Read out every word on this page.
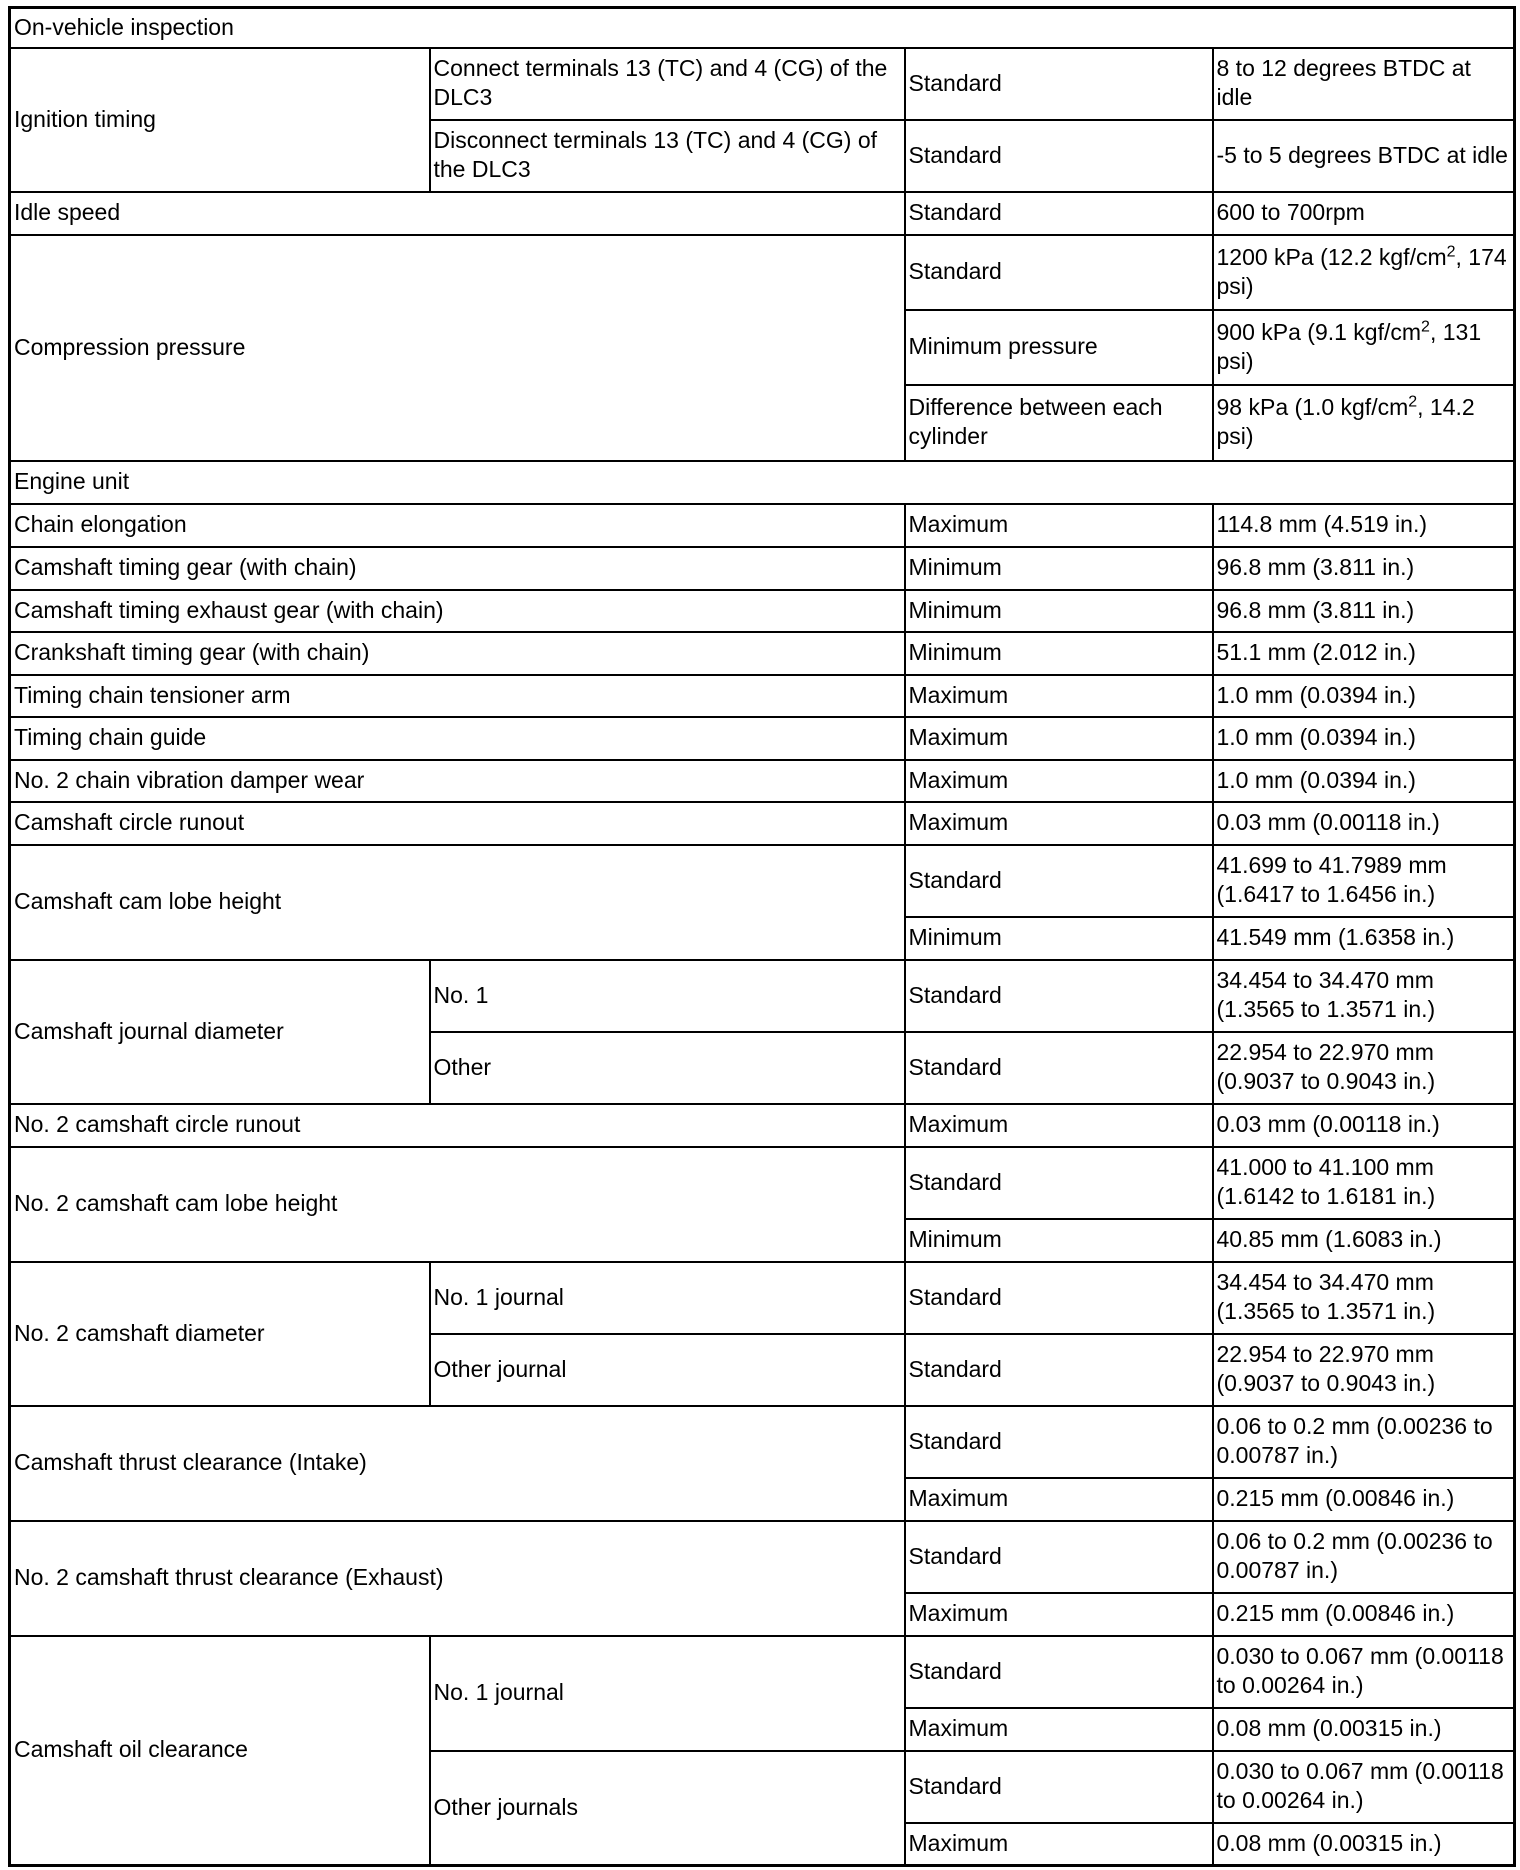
On-vehicle inspection			
Ignition timing	Connect terminals 13 (TC) and 4 (CG) of the DLC3	Standard	8 to 12 degrees BTDC at idle
	Disconnect terminals 13 (TC) and 4 (CG) of the DLC3	Standard	-5 to 5 degrees BTDC at idle
Idle speed		Standard	600 to 700rpm
Compression pressure		Standard	1200 kPa (12.2 kgf/$cm^2$, 174 psi)
		Minimum pressure	900 kPa (9.1 kgf/$cm^2$, 131 psi)
		Difference between each cylinder	98 kPa (1.0 kgf/$cm^2$, 14.2 psi)
Engine unit			
Chain elongation		Maximum	114.8 mm (4.519 in.)
Camshaft timing gear (with chain)		Minimum	96.8 mm (3.811 in.)
Camshaft timing exhaust gear (with chain)		Minimum	96.8 mm (3.811 in.)
Crankshaft timing gear (with chain)		Minimum	51.1 mm (2.012 in.)
Timing chain tensioner arm		Maximum	1.0 mm (0.0394 in.)
Timing chain guide		Maximum	1.0 mm (0.0394 in.)
No. 2 chain vibration damper wear		Maximum	1.0 mm (0.0394 in.)
Camshaft circle runout		Maximum	0.03 mm (0.00118 in.)
Camshaft cam lobe height		Standard	41.699 to 41.7989 mm (1.6417 to 1.6456 in.)
		Minimum	41.549 mm (1.6358 in.)
Camshaft journal diameter	No. 1	Standard	34.454 to 34.470 mm (1.3565 to 1.3571 in.)
	Other	Standard	22.954 to 22.970 mm (0.9037 to 0.9043 in.)
No. 2 camshaft circle runout		Maximum	0.03 mm (0.00118 in.)
No. 2 camshaft cam lobe height		Standard	41.000 to 41.100 mm (1.6142 to 1.6181 in.)
		Minimum	40.85 mm (1.6083 in.)
No. 2 camshaft diameter	No. 1 journal	Standard	34.454 to 34.470 mm (1.3565 to 1.3571 in.)
	Other journal	Standard	22.954 to 22.970 mm (0.9037 to 0.9043 in.)
Camshaft thrust clearance (Intake)		Standard	0.06 to 0.2 mm (0.00236 to 0.00787 in.)
		Maximum	0.215 mm (0.00846 in.)
No. 2 camshaft thrust clearance (Exhaust)		Standard	0.06 to 0.2 mm (0.00236 to 0.00787 in.)
		Maximum	0.215 mm (0.00846 in.)
Camshaft oil clearance	No. 1 journal	Standard	0.030 to 0.067 mm (0.00118 to 0.00264 in.)
		Maximum	0.08 mm (0.00315 in.)
	Other journals	Standard	0.030 to 0.067 mm (0.00118 to 0.00264 in.)
		Maximum	0.08 mm (0.00315 in.)
